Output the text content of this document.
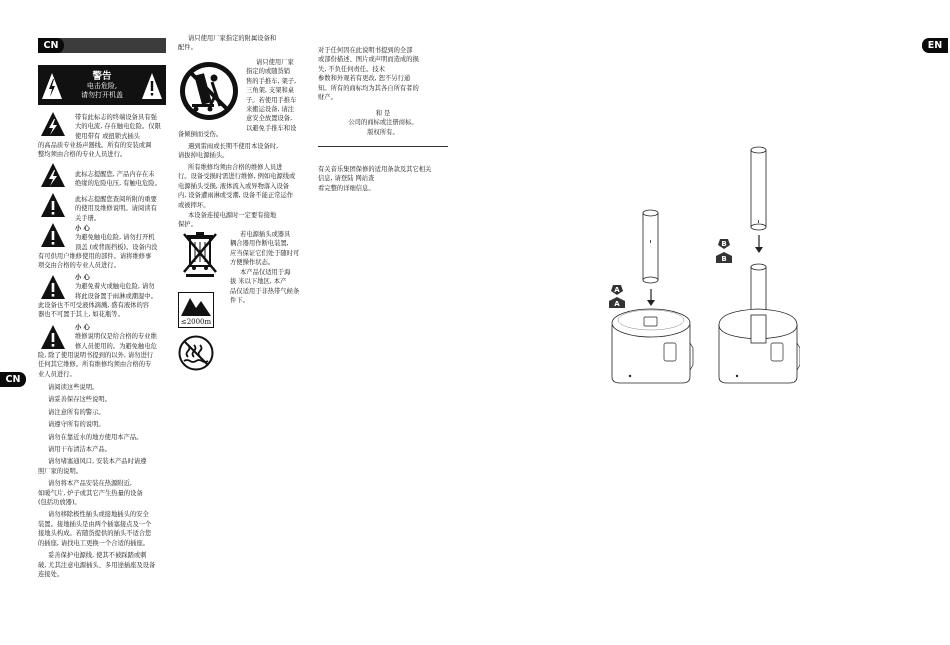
CN	EN
CN
警告
电击危险,
请勿打开机盖
带有此标志的终端设备具有强
大的电流, 存在触电危险。仅限
使用带有 或扭锁式插头
的高品质专业扬声器线。所有的安装或调
整均须由合格的专业人员进行。
此标志提醒您, 产品内存在未
绝缘的危险电压, 有触电危险。
此标志提醒您查阅所附的重要
的使用及维修说明。请阅读有
关手册。
小 心
为避免触电危险, 请勿打开机
顶盖 (或背面挡板)。设备内没
有可供用户维修使用的部件。请将维修事
项交由合格的专业人员进行。
小 心
为避免着火或触电危险, 请勿
将此设备置于雨淋或潮湿中。
此设备也不可受液体滴溅, 盛有液体的容
器也不可置于其上, 如花瓶等。
小 心
维修说明仅是给合格的专业维
修人员使用的。为避免触电危
险, 除了使用说明书提到的以外, 请勿进行
任何其它维修。所有维修均须由合格的专
业人员进行。
请阅读这些说明。
请妥善保存这些说明。
请注意所有的警示。
请遵守所有的说明。
请勿在靠近水的地方使用本产品。
请用干布清洁本产品。
请勿堵塞通风口, 安装本产品时请遵
照厂家的说明。
请勿将本产品安装在热源附近,
如暖气片, 炉子或其它产生热量的设备
(包括功放器)。
请勿移除极性插头或接地插头的安全
装置。接地插头是由两个插塞接点及一个
接地头构成。若随货提供的插头不适合您
的插座, 请找电工更换一个合适的插座。
妥善保护电源线, 使其不被踩踏或刺
破, 尤其注意电源插头、多用途插座及设备
连接处。
请只使用厂家指定的附属设备和
配件。
请只使用厂家
指定的或随货销
售的手推车, 架子,
三角架, 支架和桌
子。若使用手推车
来搬运设备, 请注
意安全放置设备,
以避免手推车和设
备倾倒而受伤。
遇到雷雨或长期不使用本设备时,
请拔掉电源插头。
所有维修均须由合格的维修人员进
行。设备受损时需进行维修, 例如电源线或
电源插头受损, 液体流入或异物落入设备
内, 设备遭雨淋或受潮, 设备不能正常运作
或被摔坏。
本设备连接电源时一定要有接地
保护。
若电源插头或器具
耦合器用作断电装置,
应当保证它们处于随时可
方便操作状态。
≤2000m
本产品仅适用于海
拔 米以下地区, 本产
品仅适用于非热带气候条
件下。
对于任何因在此说明书提到的全部
或部份描述、图片或声明而造成的损
失, 不负任何责任。技术
参数和外观若有更改, 恕不另行通
知。所有的商标均为其各自所有者的
财产。
和 是
公司的商标或注册商标。
版权所有。
有关音乐集团保修的适用条款及其它相关
信息, 请登陆 网站查
看完整的详细信息。
A
A
B
B
